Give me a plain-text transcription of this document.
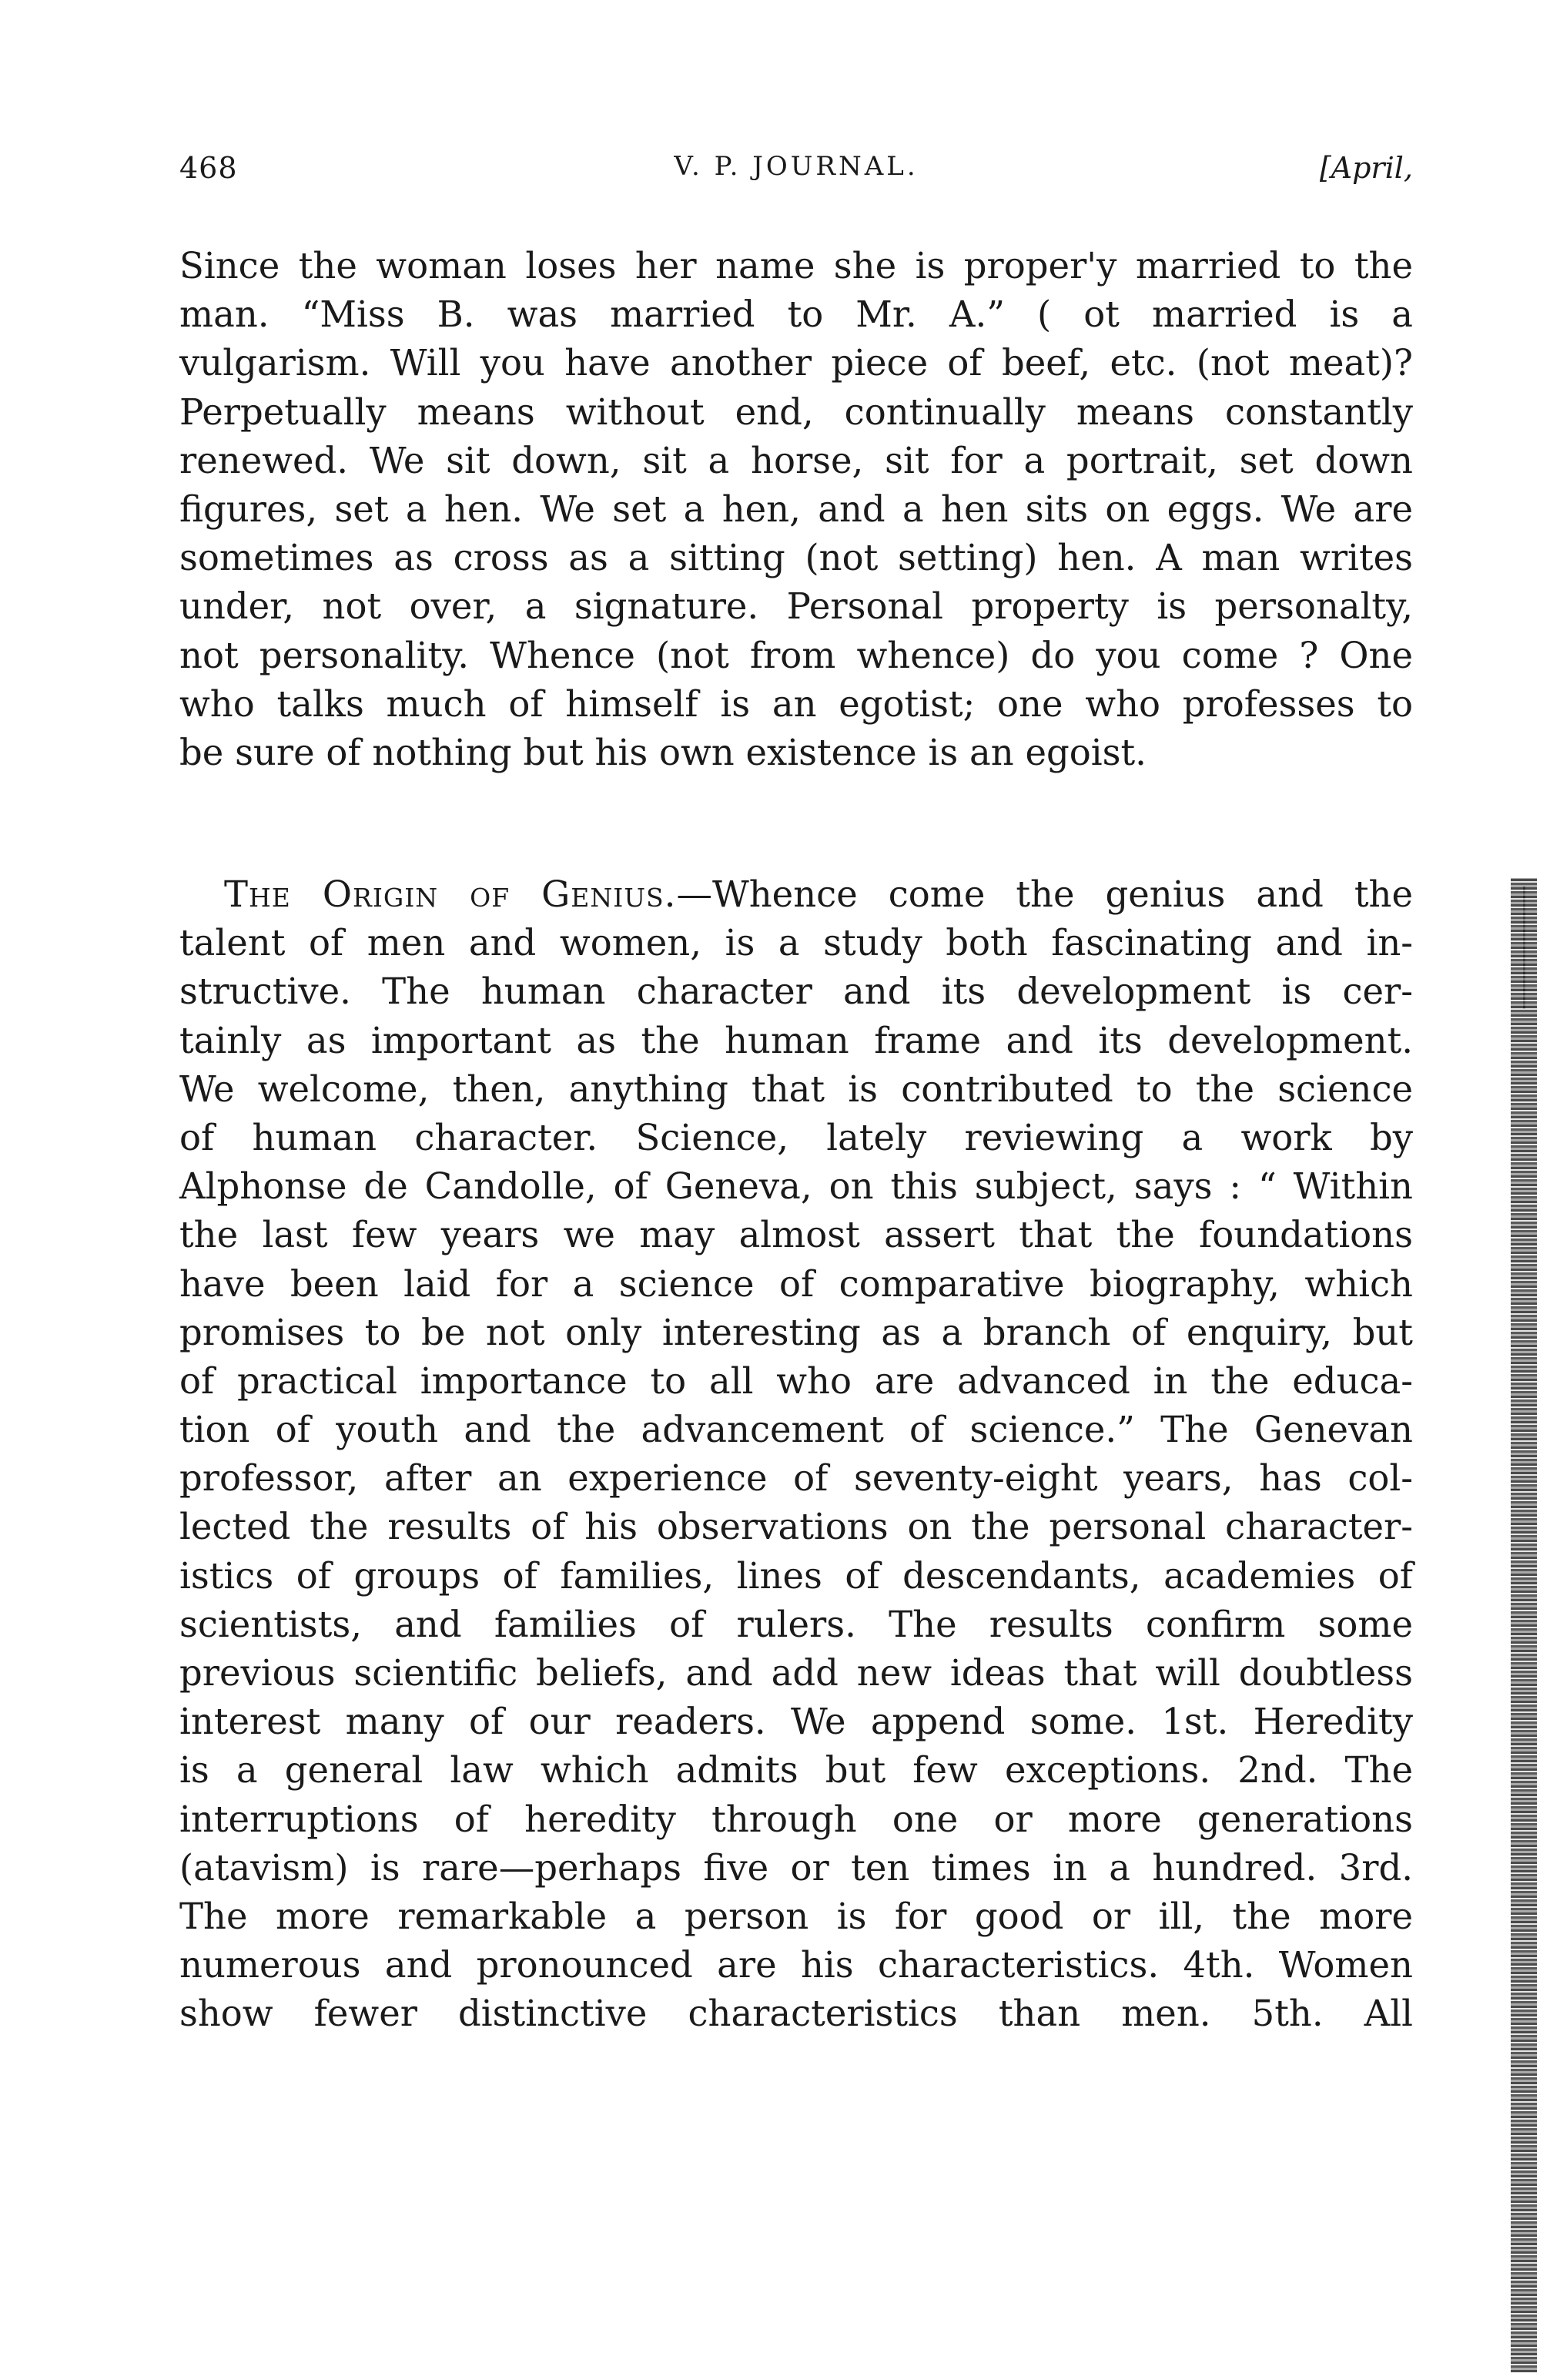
468	V. P. JOURNAL.	[April,
Since the woman loses her name she is proper'y married to the
man. “Miss B. was married to Mr. A.” ( ot married is a
vulgarism. Will you have another piece of beef, etc. (not meat)?
Perpetually means without end, continually means constantly
renewed. We sit down, sit a horse, sit for a portrait, set down
figures, set a hen. We set a hen, and a hen sits on eggs. We are
sometimes as cross as a sitting (not setting) hen. A man writes
under, not over, a signature. Personal property is personalty,
not personality. Whence (not from whence) do you come ? One
who talks much of himself is an egotist; one who professes to
be sure of nothing but his own existence is an egoist.
The Origin of Genius.—Whence come the genius and the
talent of men and women, is a study both fascinating and in-
structive. The human character and its development is cer-
tainly as important as the human frame and its development.
We welcome, then, anything that is contributed to the science
of human character. Science, lately reviewing a work by
Alphonse de Candolle, of Geneva, on this subject, says : “ Within
the last few years we may almost assert that the foundations
have been laid for a science of comparative biography, which
promises to be not only interesting as a branch of enquiry, but
of practical importance to all who are advanced in the educa-
tion of youth and the advancement of science.” The Genevan
professor, after an experience of seventy-eight years, has col-
lected the results of his observations on the personal character-
istics of groups of families, lines of descendants, academies of
scientists, and families of rulers. The results confirm some
previous scientific beliefs, and add new ideas that will doubtless
interest many of our readers. We append some. 1st. Heredity
is a general law which admits but few exceptions. 2nd. The
interruptions of heredity through one or more generations
(atavism) is rare—perhaps five or ten times in a hundred. 3rd.
The more remarkable a person is for good or ill, the more
numerous and pronounced are his characteristics. 4th. Women
show fewer distinctive characteristics than men. 5th. All
